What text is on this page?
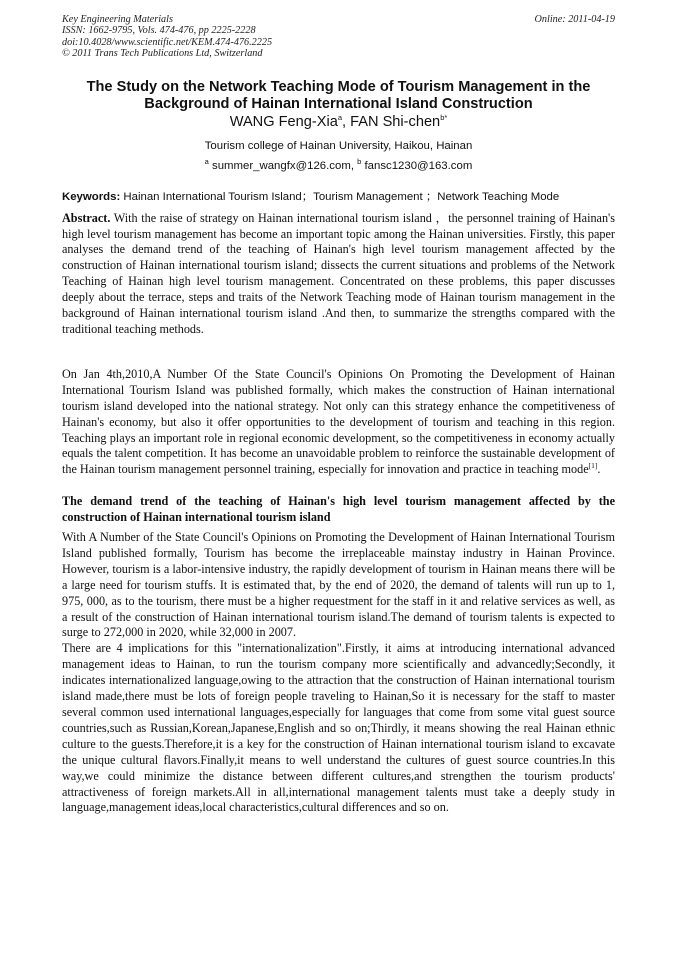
Key Engineering Materials
ISSN: 1662-9795, Vols. 474-476, pp 2225-2228
doi:10.4028/www.scientific.net/KEM.474-476.2225
© 2011 Trans Tech Publications Ltd, Switzerland
Online: 2011-04-19
The Study on the Network Teaching Mode of Tourism Management in the Background of Hainan International Island Construction
WANG Feng-Xia$^a$, FAN Shi-chen$^{b*}$
Tourism college of Hainan University, Haikou, Hainan
$^a$ summer_wangfx@126.com, $^b$ fansc1230@163.com
Keywords: Hainan International Tourism Island；Tourism Management ；Network Teaching Mode

Abstract. With the raise of strategy on Hainan international tourism island ，the personnel training of Hainan's high level tourism management has become an important topic among the Hainan universities. Firstly, this paper analyses the demand trend of the teaching of Hainan's high level tourism management affected by the construction of Hainan international tourism island; dissects the current situations and problems of the Network Teaching of Hainan high level tourism management. Concentrated on these problems, this paper discusses deeply about the terrace, steps and traits of the Network Teaching mode of Hainan tourism management in the background of Hainan international tourism island .And then, to summarize the strengths compared with the traditional teaching methods.

On Jan 4th,2010,A Number Of the State Council's Opinions On Promoting the Development of Hainan International Tourism Island was published formally, which makes the construction of Hainan international tourism island developed into the national strategy. Not only can this strategy enhance the competitiveness of Hainan's economy, but also it offer opportunities to the development of tourism and teaching in this region. Teaching plays an important role in regional economic development, so the competitiveness in economy actually equals the talent competition. It has become an unavoidable problem to reinforce the sustainable development of the Hainan tourism management personnel training, especially for innovation and practice in teaching mode[1].

The demand trend of the teaching of Hainan's high level tourism management affected by the construction of Hainan international tourism island

With A Number of the State Council's Opinions on Promoting the Development of Hainan International Tourism Island published formally, Tourism has become the irreplaceable mainstay industry in Hainan Province. However, tourism is a labor-intensive industry, the rapidly development of tourism in Hainan means there will be a large need for tourism stuffs. It is estimated that, by the end of 2020, the demand of talents will run up to 1, 975, 000, as to the tourism, there must be a higher requestment for the staff in it and relative services as well, as a result of the construction of Hainan international tourism island.The demand of tourism talents is expected to surge to 272,000 in 2020, while 32,000 in 2007.

There are 4 implications for this "internationalization".Firstly, it aims at introducing international advanced management ideas to Hainan, to run the tourism company more scientifically and advancedly;Secondly, it indicates internationalized language,owing to the attraction that the construction of Hainan international tourism island made,there must be lots of foreign people traveling to Hainan,So it is necessary for the staff to master several common used international languages,especially for languages that come from some vital guest source countries,such as Russian,Korean,Japanese,English and so on;Thirdly, it means showing the real Hainan ethnic culture to the guests.Therefore,it is a key for the construction of Hainan international tourism island to excavate the unique cultural flavors.Finally,it means to well understand the cultures of guest source countries.In this way,we could minimize the distance between different cultures,and strengthen the tourism products' attractiveness of foreign markets.All in all,international management talents must take a deeply study in language,management ideas,local characteristics,cultural differences and so on.
